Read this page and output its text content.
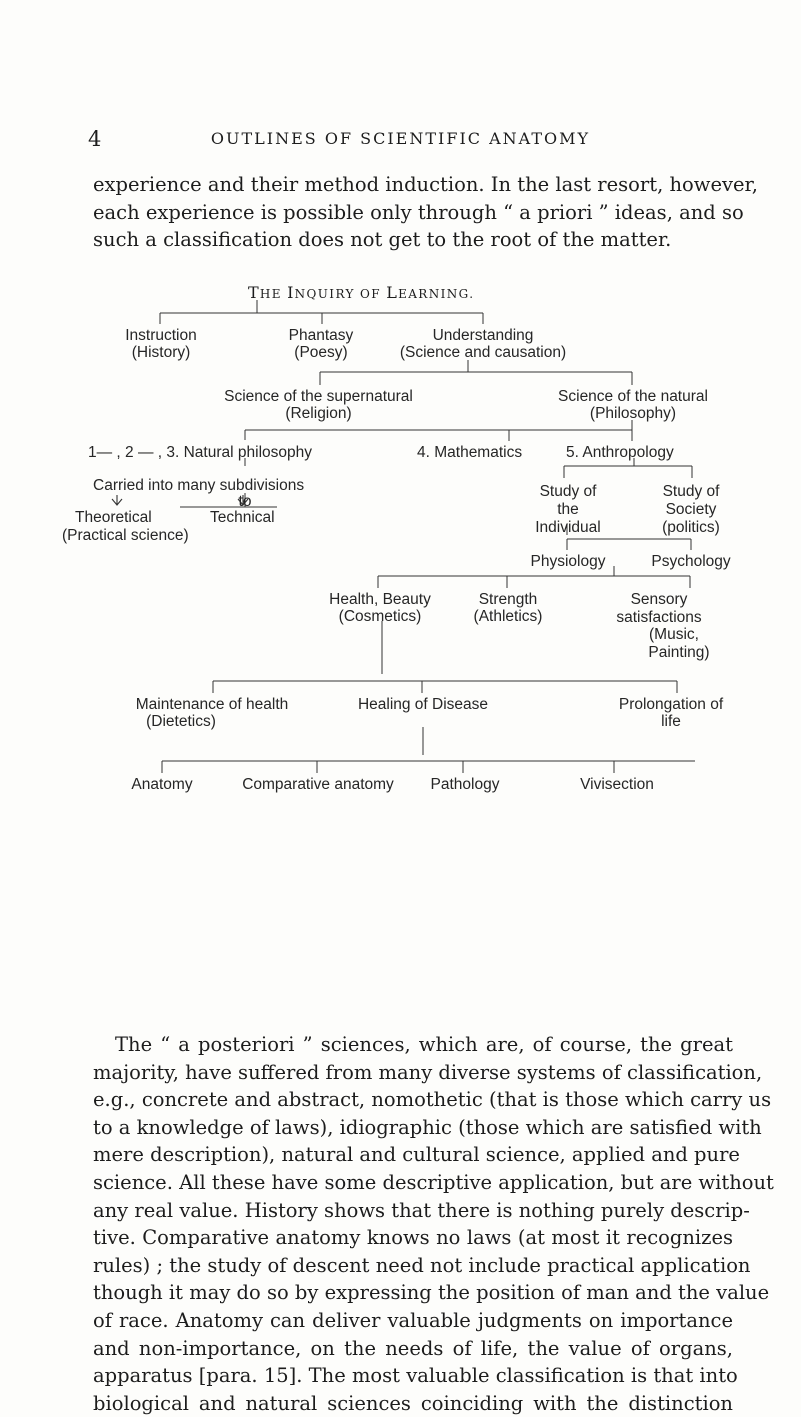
4	OUTLINES OF SCIENTIFIC ANATOMY
experience and their method induction. In the last resort, however,
each experience is possible only through “ a priori ” ideas, and so
such a classification does not get to the root of the matter.
THE INQUIRY OF LEARNING.
Instruction
(History)
Phantasy
(Poesy)
Understanding
(Science and causation)
Science of the supernatural
(Religion)
Science of the natural
(Philosophy)
1— , 2 — , 3. Natural philosophy	4. Mathematics	5. Anthropology
Carried into many subdivisions
to
Study of
the
Individual
Study of
Society
(politics)
Theoretical
(Practical science)
Technical
Physiology	Psychology
Health, Beauty
(Cosmetics)
Strength
(Athletics)
Sensory
satisfactions
(Music,
Painting)
Maintenance of health
(Dietetics)
Healing of Disease	Prolongation of
life
Anatomy	Comparative anatomy	Pathology	Vivisection
The “ a posteriori ” sciences, which are, of course, the great
majority, have suffered from many diverse systems of classification,
e.g., concrete and abstract, nomothetic (that is those which carry us
to a knowledge of laws), idiographic (those which are satisfied with
mere description), natural and cultural science, applied and pure
science. All these have some descriptive application, but are without
any real value. History shows that there is nothing purely descrip-
tive. Comparative anatomy knows no laws (at most it recognizes
rules) ; the study of descent need not include practical application
though it may do so by expressing the position of man and the value
of race. Anatomy can deliver valuable judgments on importance
and non-importance, on the needs of life, the value of organs,
apparatus [para. 15]. The most valuable classification is that into
biological and natural sciences coinciding with the distinction
